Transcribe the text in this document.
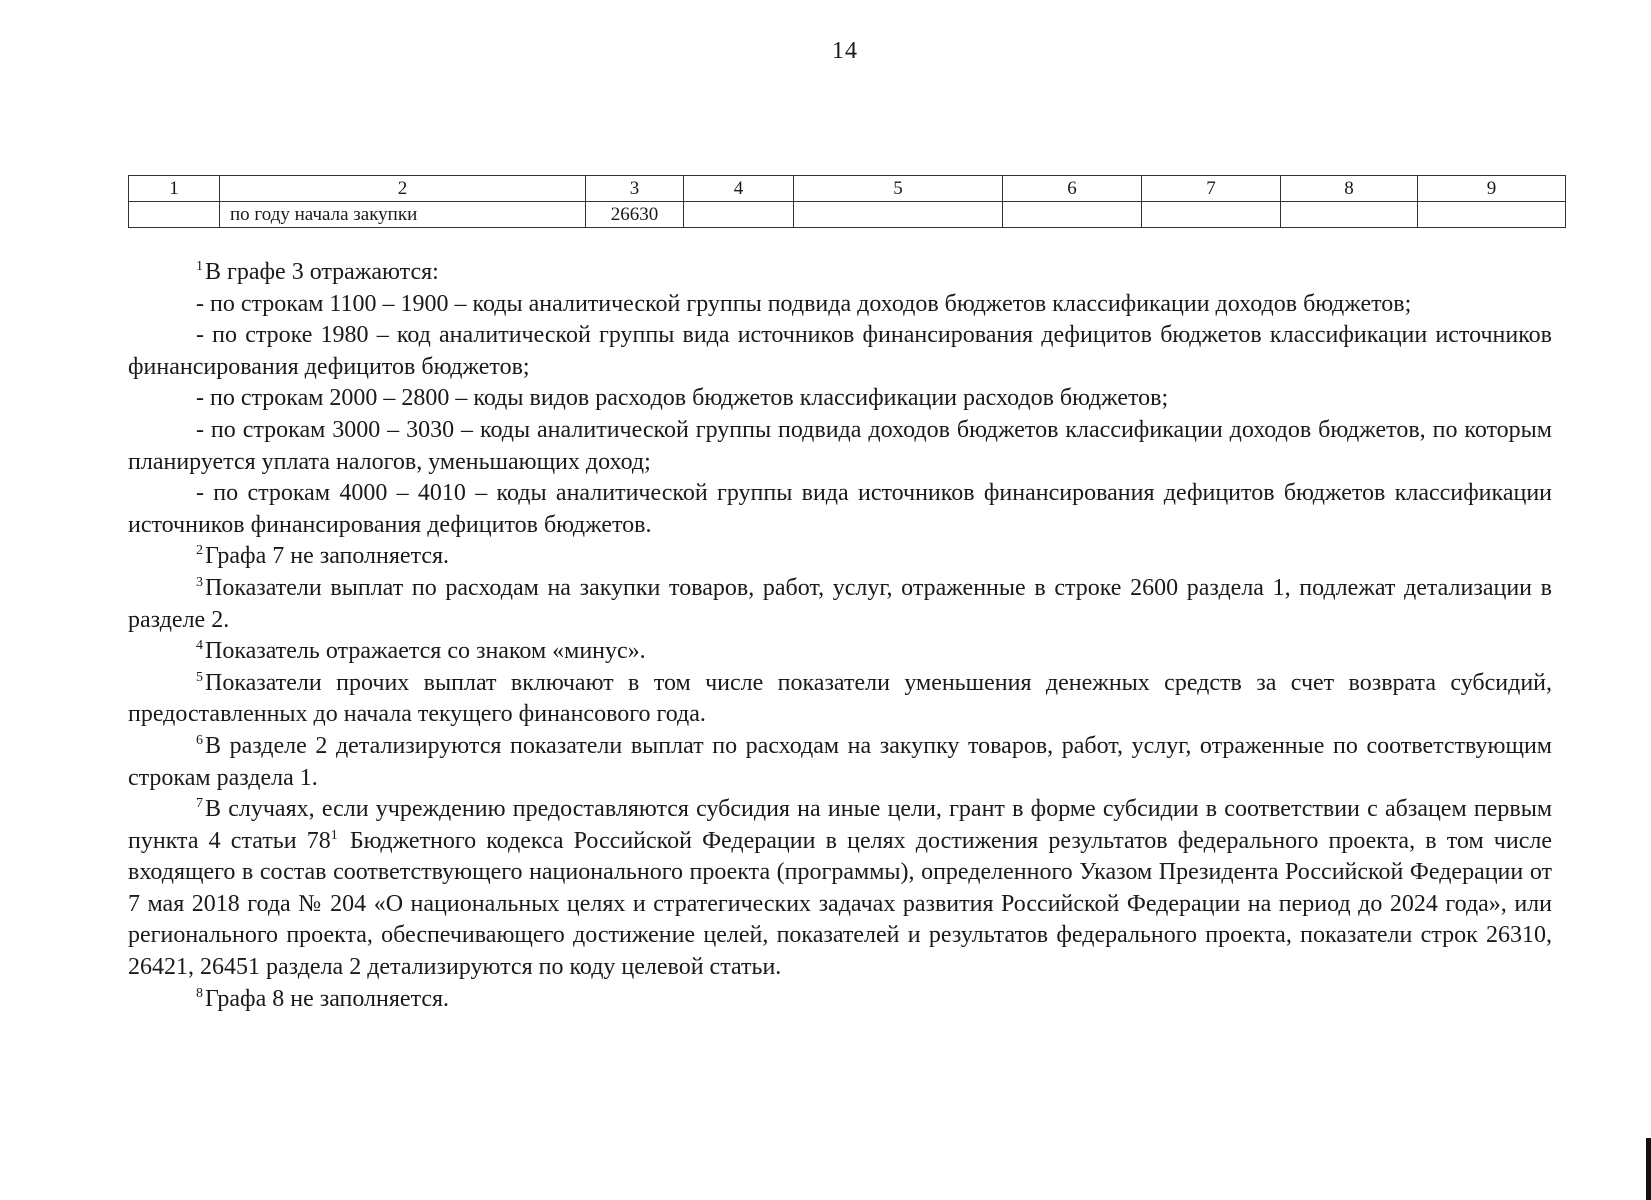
14
1	2	3	4	5	6	7	8	9
	по году начала закупки	26630						

$^1$В графе 3 отражаются:

- по строкам 1100 – 1900 – коды аналитической группы подвида доходов бюджетов классификации доходов бюджетов;

- по строке 1980 – код аналитической группы вида источников финансирования дефицитов бюджетов классификации источников финансирования дефицитов бюджетов;

- по строкам 2000 – 2800 – коды видов расходов бюджетов классификации расходов бюджетов;

- по строкам 3000 – 3030 – коды аналитической группы подвида доходов бюджетов классификации доходов бюджетов, по которым планируется уплата налогов, уменьшающих доход;

- по строкам 4000 – 4010 – коды аналитической группы вида источников финансирования дефицитов бюджетов классификации источников финансирования дефицитов бюджетов.

$^2$Графа 7 не заполняется.

$^3$Показатели выплат по расходам на закупки товаров, работ, услуг, отраженные в строке 2600 раздела 1, подлежат детализации в разделе 2.

$^4$Показатель отражается со знаком «минус».

$^5$Показатели прочих выплат включают в том числе показатели уменьшения денежных средств за счет возврата субсидий, предоставленных до начала текущего финансового года.

$^6$В разделе 2 детализируются показатели выплат по расходам на закупку товаров, работ, услуг, отраженные по соответствующим строкам раздела 1.

$^7$В случаях, если учреждению предоставляются субсидия на иные цели, грант в форме субсидии в соответствии с абзацем первым пункта 4 статьи $78^1$ Бюджетного кодекса Российской Федерации в целях достижения результатов федерального проекта, в том числе входящего в состав соответствующего национального проекта (программы), определенного Указом Президента Российской Федерации от 7 мая 2018 года № 204 «О национальных целях и стратегических задачах развития Российской Федерации на период до 2024 года», или регионального проекта, обеспечивающего достижение целей, показателей и результатов федерального проекта, показатели строк 26310, 26421, 26451 раздела 2 детализируются по коду целевой статьи.

$^8$Графа 8 не заполняется.
